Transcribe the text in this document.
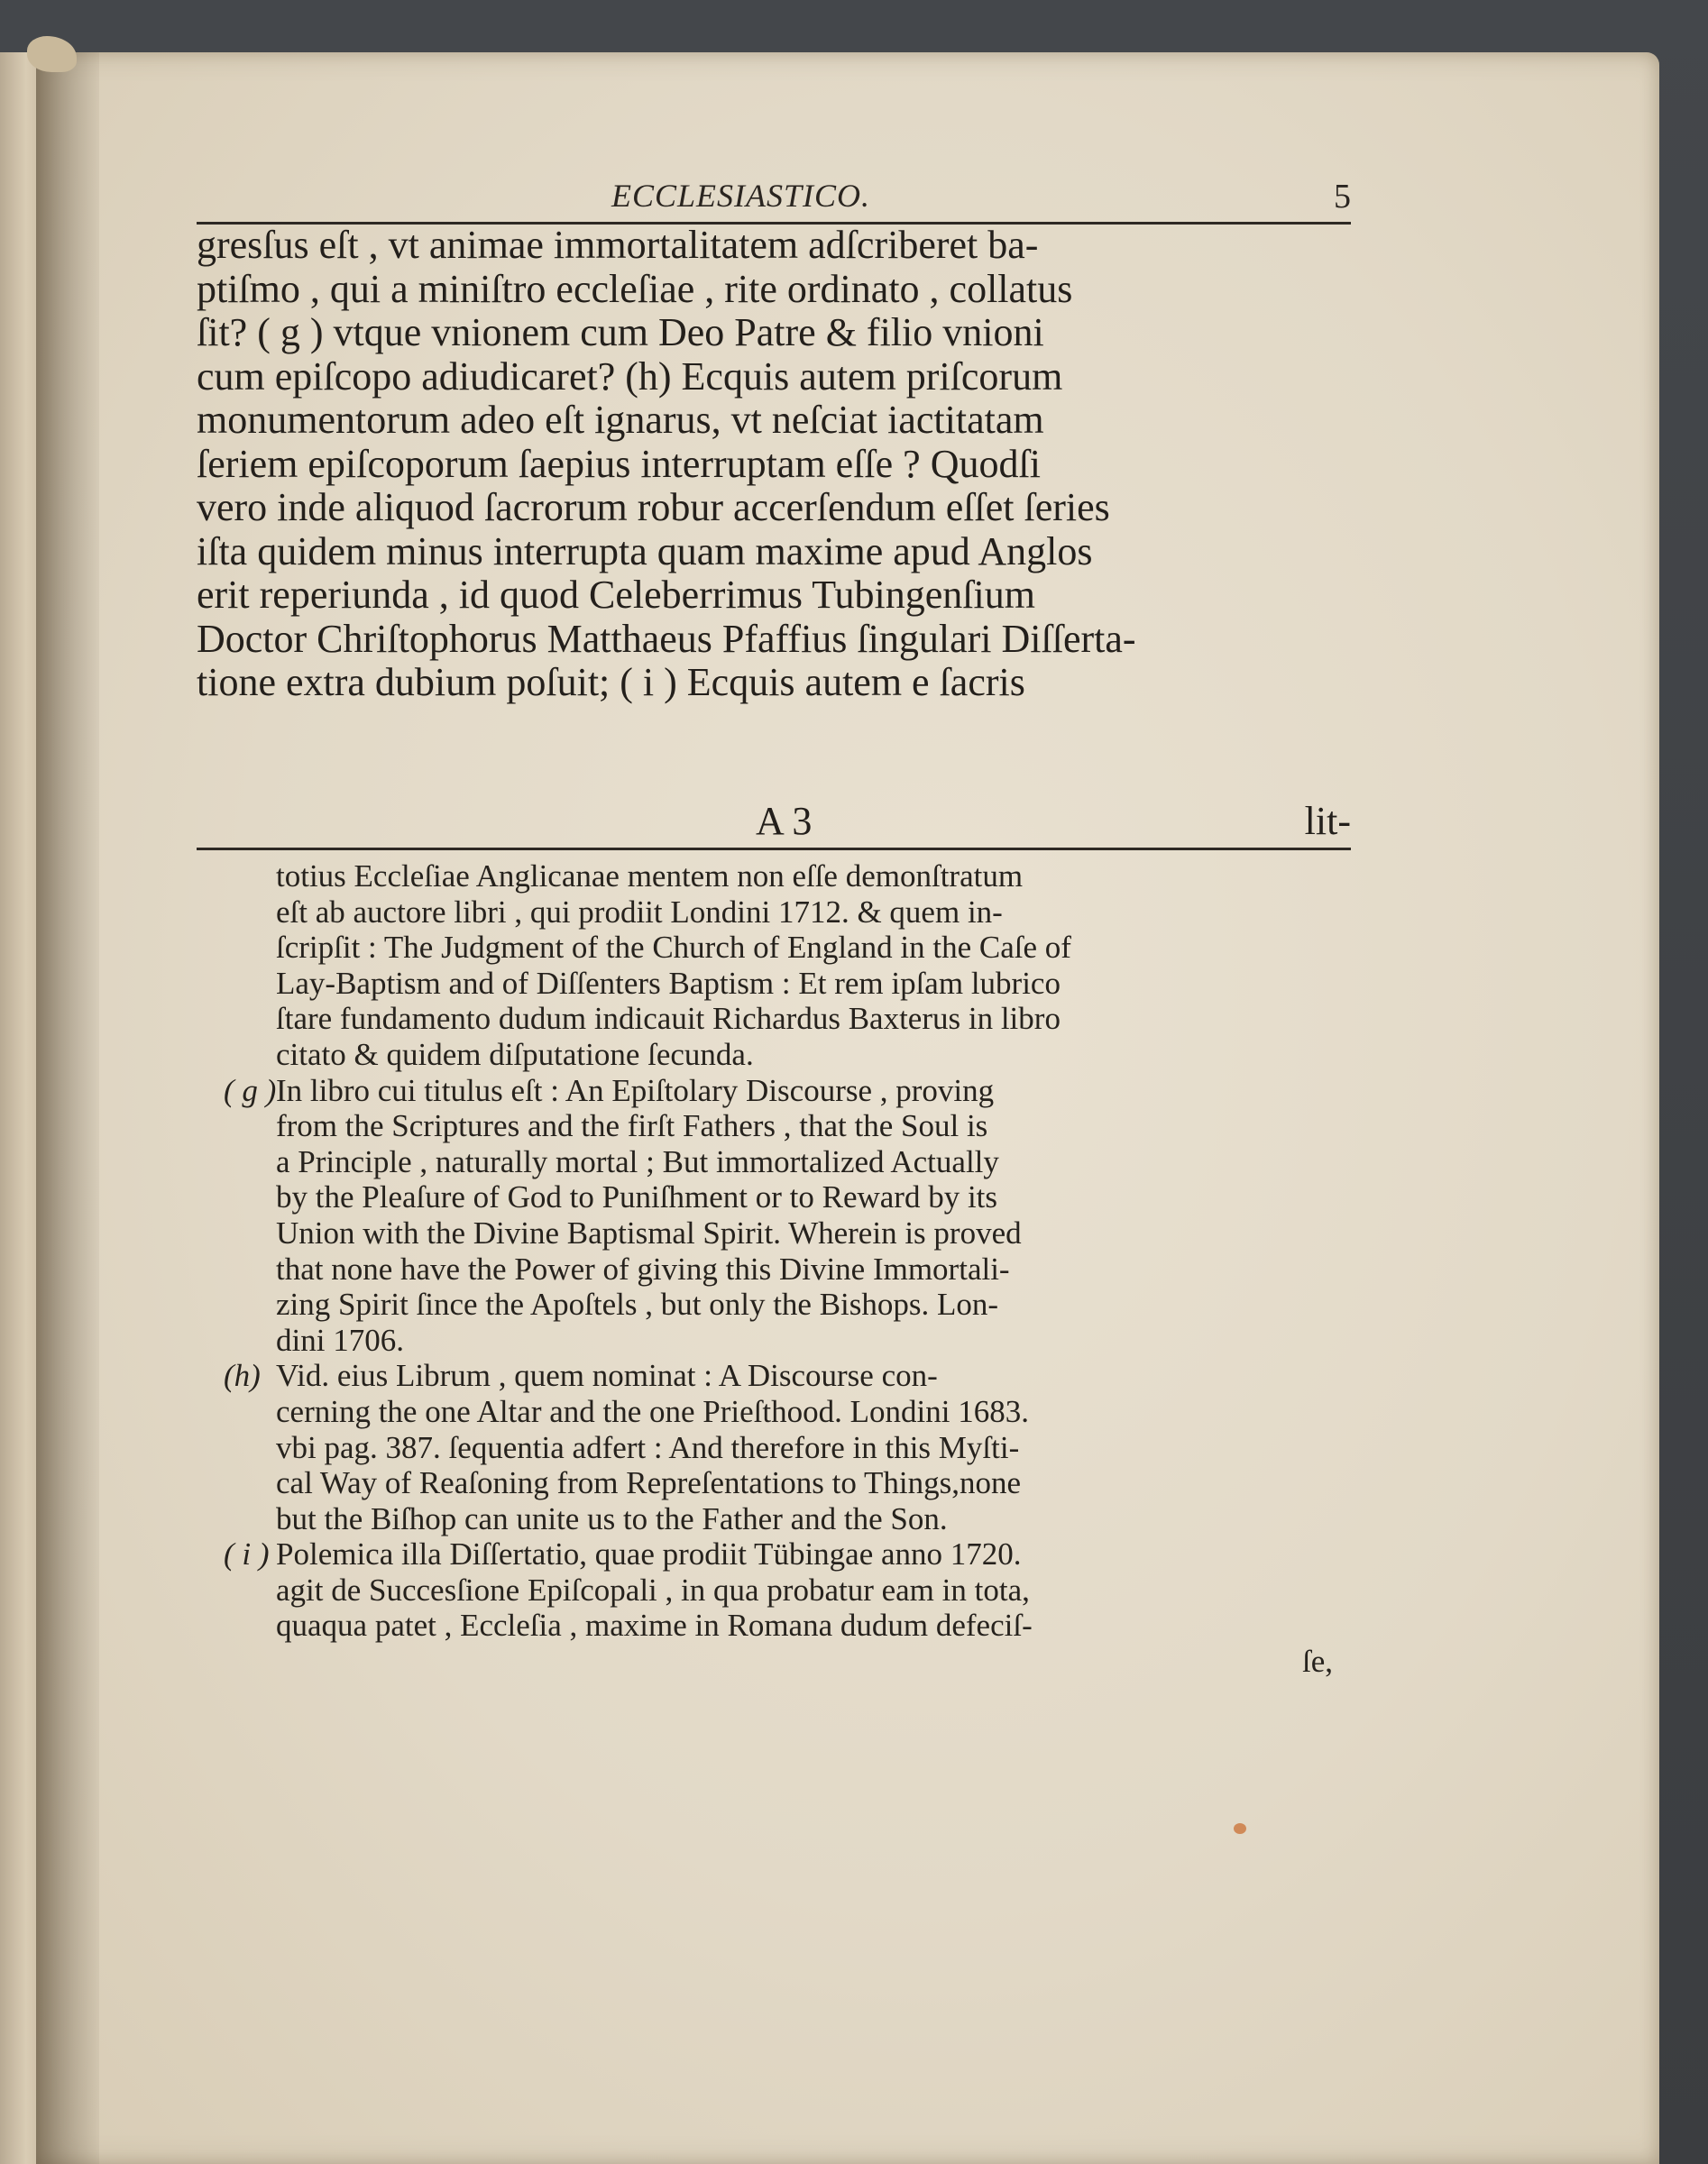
ECCLESIASTICO.	5
gresſus eſt , vt animae immortalitatem adſcriberet ba-
ptiſmo , qui a miniſtro eccleſiae , rite ordinato , collatus
ſit? ( g ) vtque vnionem cum Deo Patre & filio vnioni
cum epiſcopo adiudicaret? (h) Ecquis autem priſcorum
monumentorum adeo eſt ignarus, vt neſciat iactitatam
ſeriem epiſcoporum ſaepius interruptam eſſe ? Quodſi
vero inde aliquod ſacrorum robur accerſendum eſſet ſeries
iſta quidem minus interrupta quam maxime apud Anglos
erit reperiunda , id quod Celeberrimus Tubingenſium
Doctor Chriſtophorus Matthaeus Pfaffius ſingulari Diſſerta-
tione extra dubium poſuit; ( i ) Ecquis autem e ſacris
A 3	lit-
totius Eccleſiae Anglicanae mentem non eſſe demonſtratum
eſt ab auctore libri , qui prodiit Londini 1712. & quem in-
ſcripſit : The Judgment of the Church of England in the Caſe of
Lay-Baptism and of Diſſenters Baptism : Et rem ipſam lubrico
ſtare fundamento dudum indicauit Richardus Baxterus in libro
citato & quidem diſputatione ſecunda.
( g ) In libro cui titulus eſt : An Epiſtolary Discourse , proving
from the Scriptures and the firſt Fathers , that the Soul is
a Principle , naturally mortal ; But immortalized Actually
by the Pleaſure of God to Puniſhment or to Reward by its
Union with the Divine Baptismal Spirit. Wherein is proved
that none have the Power of giving this Divine Immortali-
zing Spirit ſince the Apoſtels , but only the Bishops. Lon-
dini 1706.
(h) Vid. eius Librum , quem nominat : A Discourse con-
cerning the one Altar and the one Prieſthood. Londini 1683.
vbi pag. 387. ſequentia adfert : And therefore in this Myſti-
cal Way of Reaſoning from Repreſentations to Things,none
but the Biſhop can unite us to the Father and the Son.
( i ) Polemica illa Diſſertatio, quae prodiit Tübingae anno 1720.
agit de Succesſione Epiſcopali , in qua probatur eam in tota,
quaqua patet , Eccleſia , maxime in Romana dudum defeciſ-
ſe,
